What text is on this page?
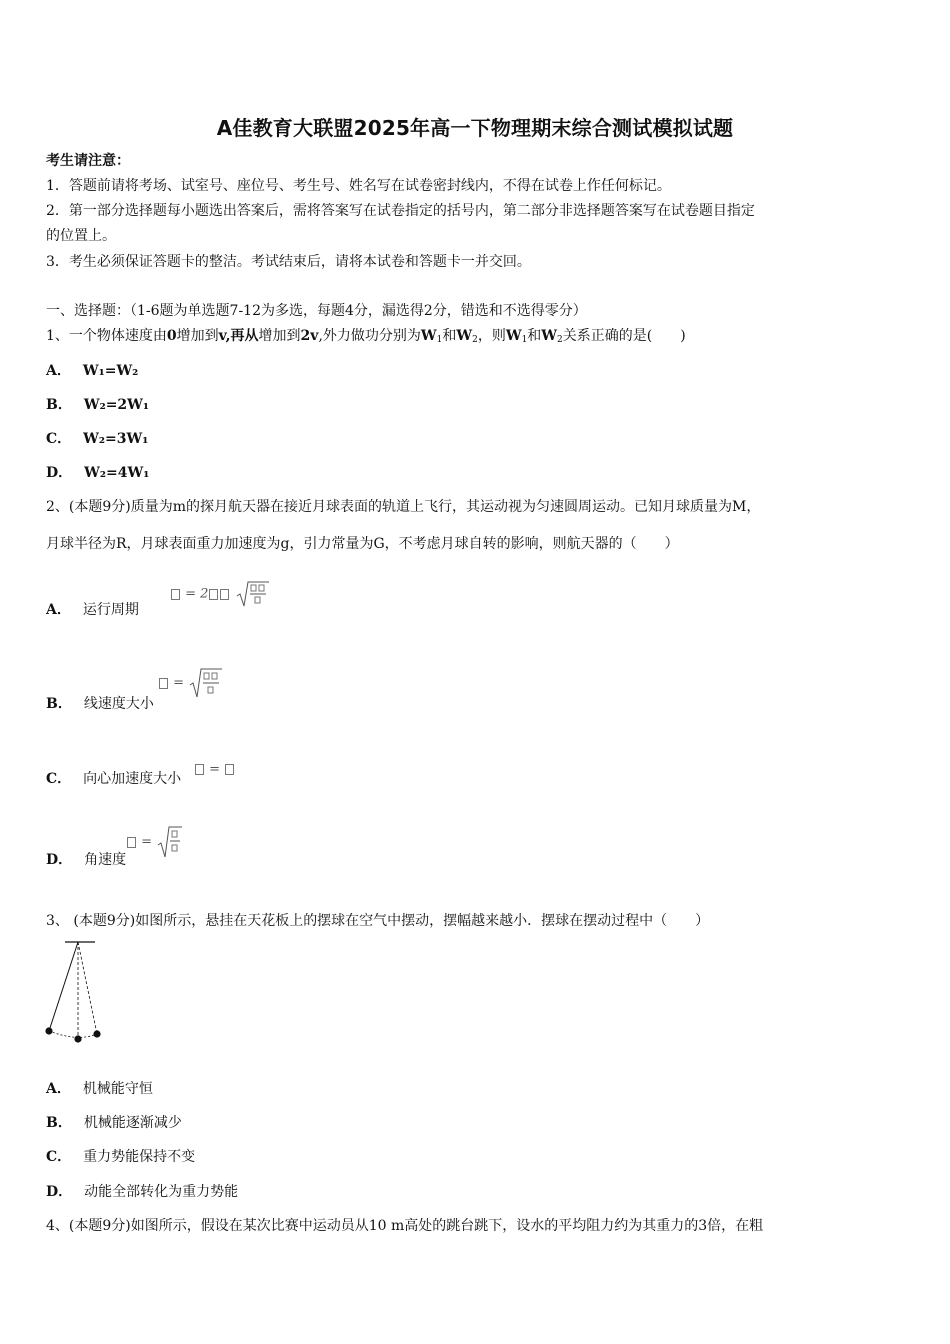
A佳教育大联盟2025年高一下物理期末综合测试模拟试题
考生请注意：
1．答题前请将考场、试室号、座位号、考生号、姓名写在试卷密封线内，不得在试卷上作任何标记。
2．第一部分选择题每小题选出答案后，需将答案写在试卷指定的括号内，第二部分非选择题答案写在试卷题目指定
的位置上。
3．考生必须保证答题卡的整洁。考试结束后，请将本试卷和答题卡一并交回。
一、选择题：（1-6题为单选题7-12为多选，每题4分，漏选得2分，错选和不选得零分）
1、一个物体速度由0增加到v,再从增加到2v,外力做功分别为$W_1$和$W_2$，则$W_1$和$W_2$关系正确的是(　　)
A． W₁=W₂
B． W₂=2W₁
C． W₂=3W₁
D． W₂=4W₁
2、(本题9分)质量为m的探月航天器在接近月球表面的轨道上飞行，其运动视为匀速圆周运动。已知月球质量为M，
月球半径为R，月球表面重力加速度为g，引力常量为G，不考虑月球自转的影响，则航天器的（　　）
A． 运行周期
= 2
B． 线速度大小
=
C． 向心加速度大小
=
D． 角速度
=
3、 (本题9分)如图所示，悬挂在天花板上的摆球在空气中摆动，摆幅越来越小．摆球在摆动过程中（　　）
A． 机械能守恒
B． 机械能逐渐减少
C． 重力势能保持不变
D． 动能全部转化为重力势能
4、(本题9分)如图所示，假设在某次比赛中运动员从10 m高处的跳台跳下，设水的平均阻力约为其重力的3倍，在粗
